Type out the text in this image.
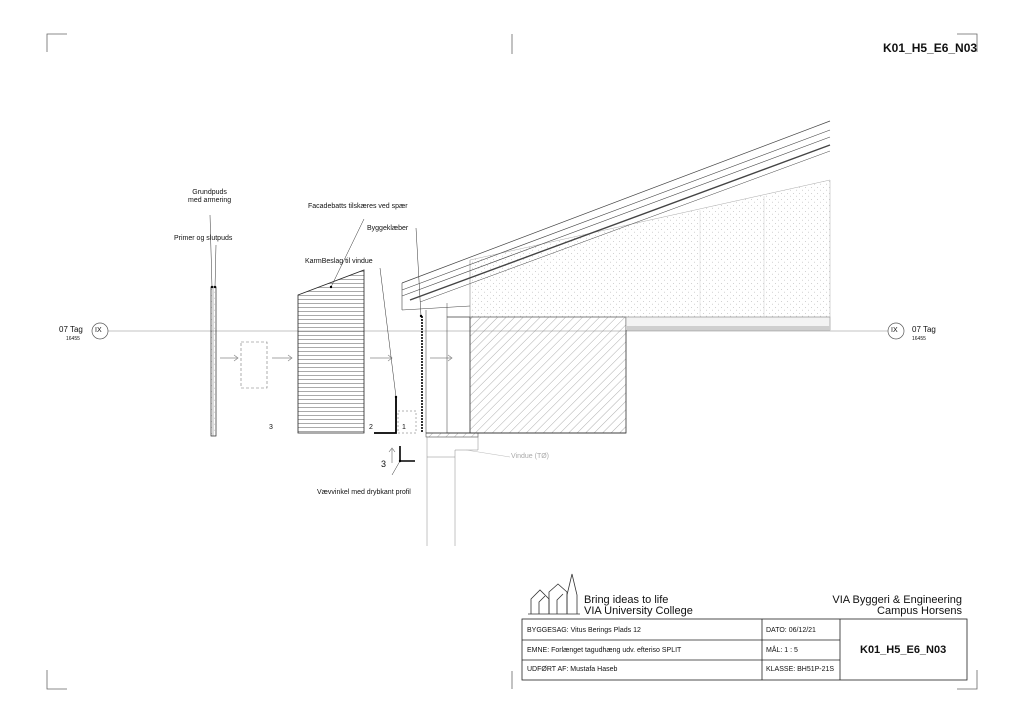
K01_H5_E6_N03
Grundpuds
med armering
Primer og slutpuds
Facadebatts tilskæres ved spær
Byggeklæber
KarmBeslag til vindue
Vindue (TØ)
Vævvinkel med drybkant profil
3	2	1
3
IX
07 Tag
16455
IX 07 Tag
16455
Bring ideas to life
VIA University College
VIA Byggeri & Engineering
Campus Horsens
BYGGESAG: Vitus Berings Plads 12
EMNE: Forlænget tagudhæng udv. efteriso SPLIT
UDFØRT AF: Mustafa Haseb
DATO: 06/12/21
MÅL: 1 : 5
KLASSE: BH51P-21S
K01_H5_E6_N03
